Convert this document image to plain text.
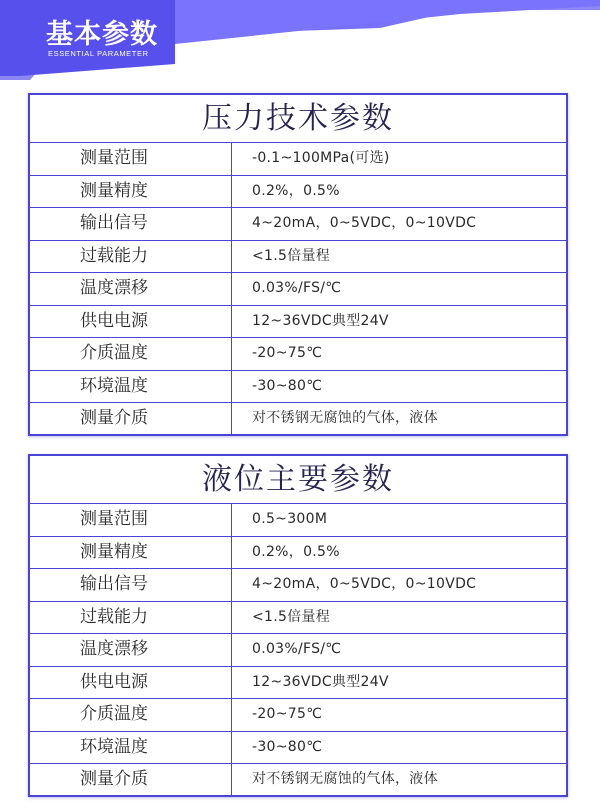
基本参数
ESSENTIAL PARAMETER
压力技术参数
测量范围	-0.1~100MPa(可选)
测量精度	0.2%，0.5%
输出信号	4~20mA，0~5VDC，0~10VDC
过载能力	<1.5倍量程
温度漂移	0.03%/FS/℃
供电电源	12~36VDC典型24V
介质温度	-20~75℃
环境温度	-30~80℃
测量介质	对不锈钢无腐蚀的气体，液体
液位主要参数
测量范围	0.5~300M
测量精度	0.2%，0.5%
输出信号	4~20mA，0~5VDC，0~10VDC
过载能力	<1.5倍量程
温度漂移	0.03%/FS/℃
供电电源	12~36VDC典型24V
介质温度	-20~75℃
环境温度	-30~80℃
测量介质	对不锈钢无腐蚀的气体，液体
